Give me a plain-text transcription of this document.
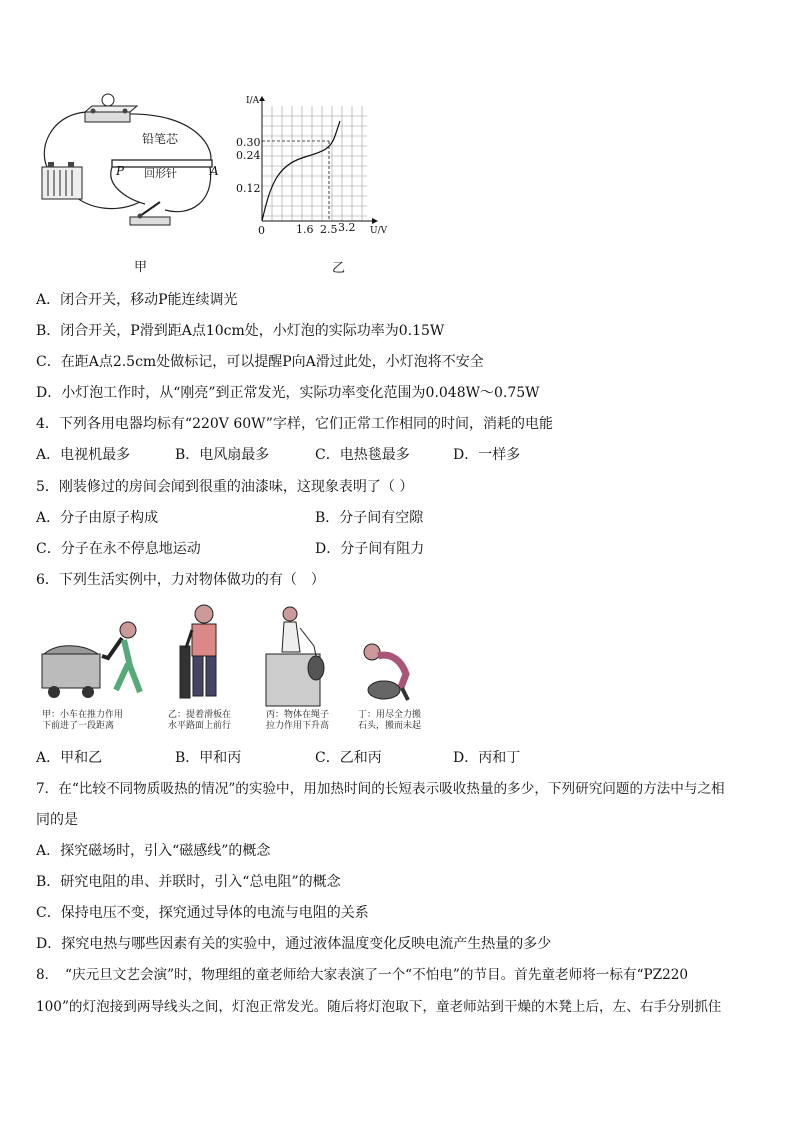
铅笔芯
P 回形针	A
甲	乙
I/A
U/V
0
0.30
0.24
0.12
1.6 2.5 3.2
A．闭合开关，移动P能连续调光
B．闭合开关，P滑到距A点10cm处，小灯泡的实际功率为0.15W
C．在距A点2.5cm处做标记，可以提醒P向A滑过此处，小灯泡将不安全
D．小灯泡工作时，从“刚亮”到正常发光，实际功率变化范围为0.048W～0.75W
4．下列各用电器均标有“220V 60W”字样，它们正常工作相同的时间，消耗的电能
A．电视机最多	B．电风扇最多	C．电热毯最多	D．一样多
5．刚装修过的房间会闻到很重的油漆味，这现象表明了（ ）
A．分子由原子构成	B．分子间有空隙
C．分子在永不停息地运动	D．分子间有阻力
6．下列生活实例中，力对物体做功的有（　）
甲：小车在推力作用
下前进了一段距离
乙：提着滑板在
水平路面上前行
丙：物体在绳子
拉力作用下升高
丁：用尽全力搬
石头，搬而未起
A．甲和乙	B．甲和丙	C．乙和丙	D．丙和丁
7．在“比较不同物质吸热的情况”的实验中，用加热时间的长短表示吸收热量的多少，下列研究问题的方法中与之相
同的是
A．探究磁场时，引入“磁感线”的概念
B．研究电阻的串、并联时，引入“总电阻”的概念
C．保持电压不变，探究通过导体的电流与电阻的关系
D．探究电热与哪些因素有关的实验中，通过液体温度变化反映电流产生热量的多少
8．　“庆元旦文艺会演”时，物理组的童老师给大家表演了一个“不怕电”的节目。首先童老师将一标有“PZ220
100”的灯泡接到两导线头之间，灯泡正常发光。随后将灯泡取下，童老师站到干燥的木凳上后，左、右手分别抓住
